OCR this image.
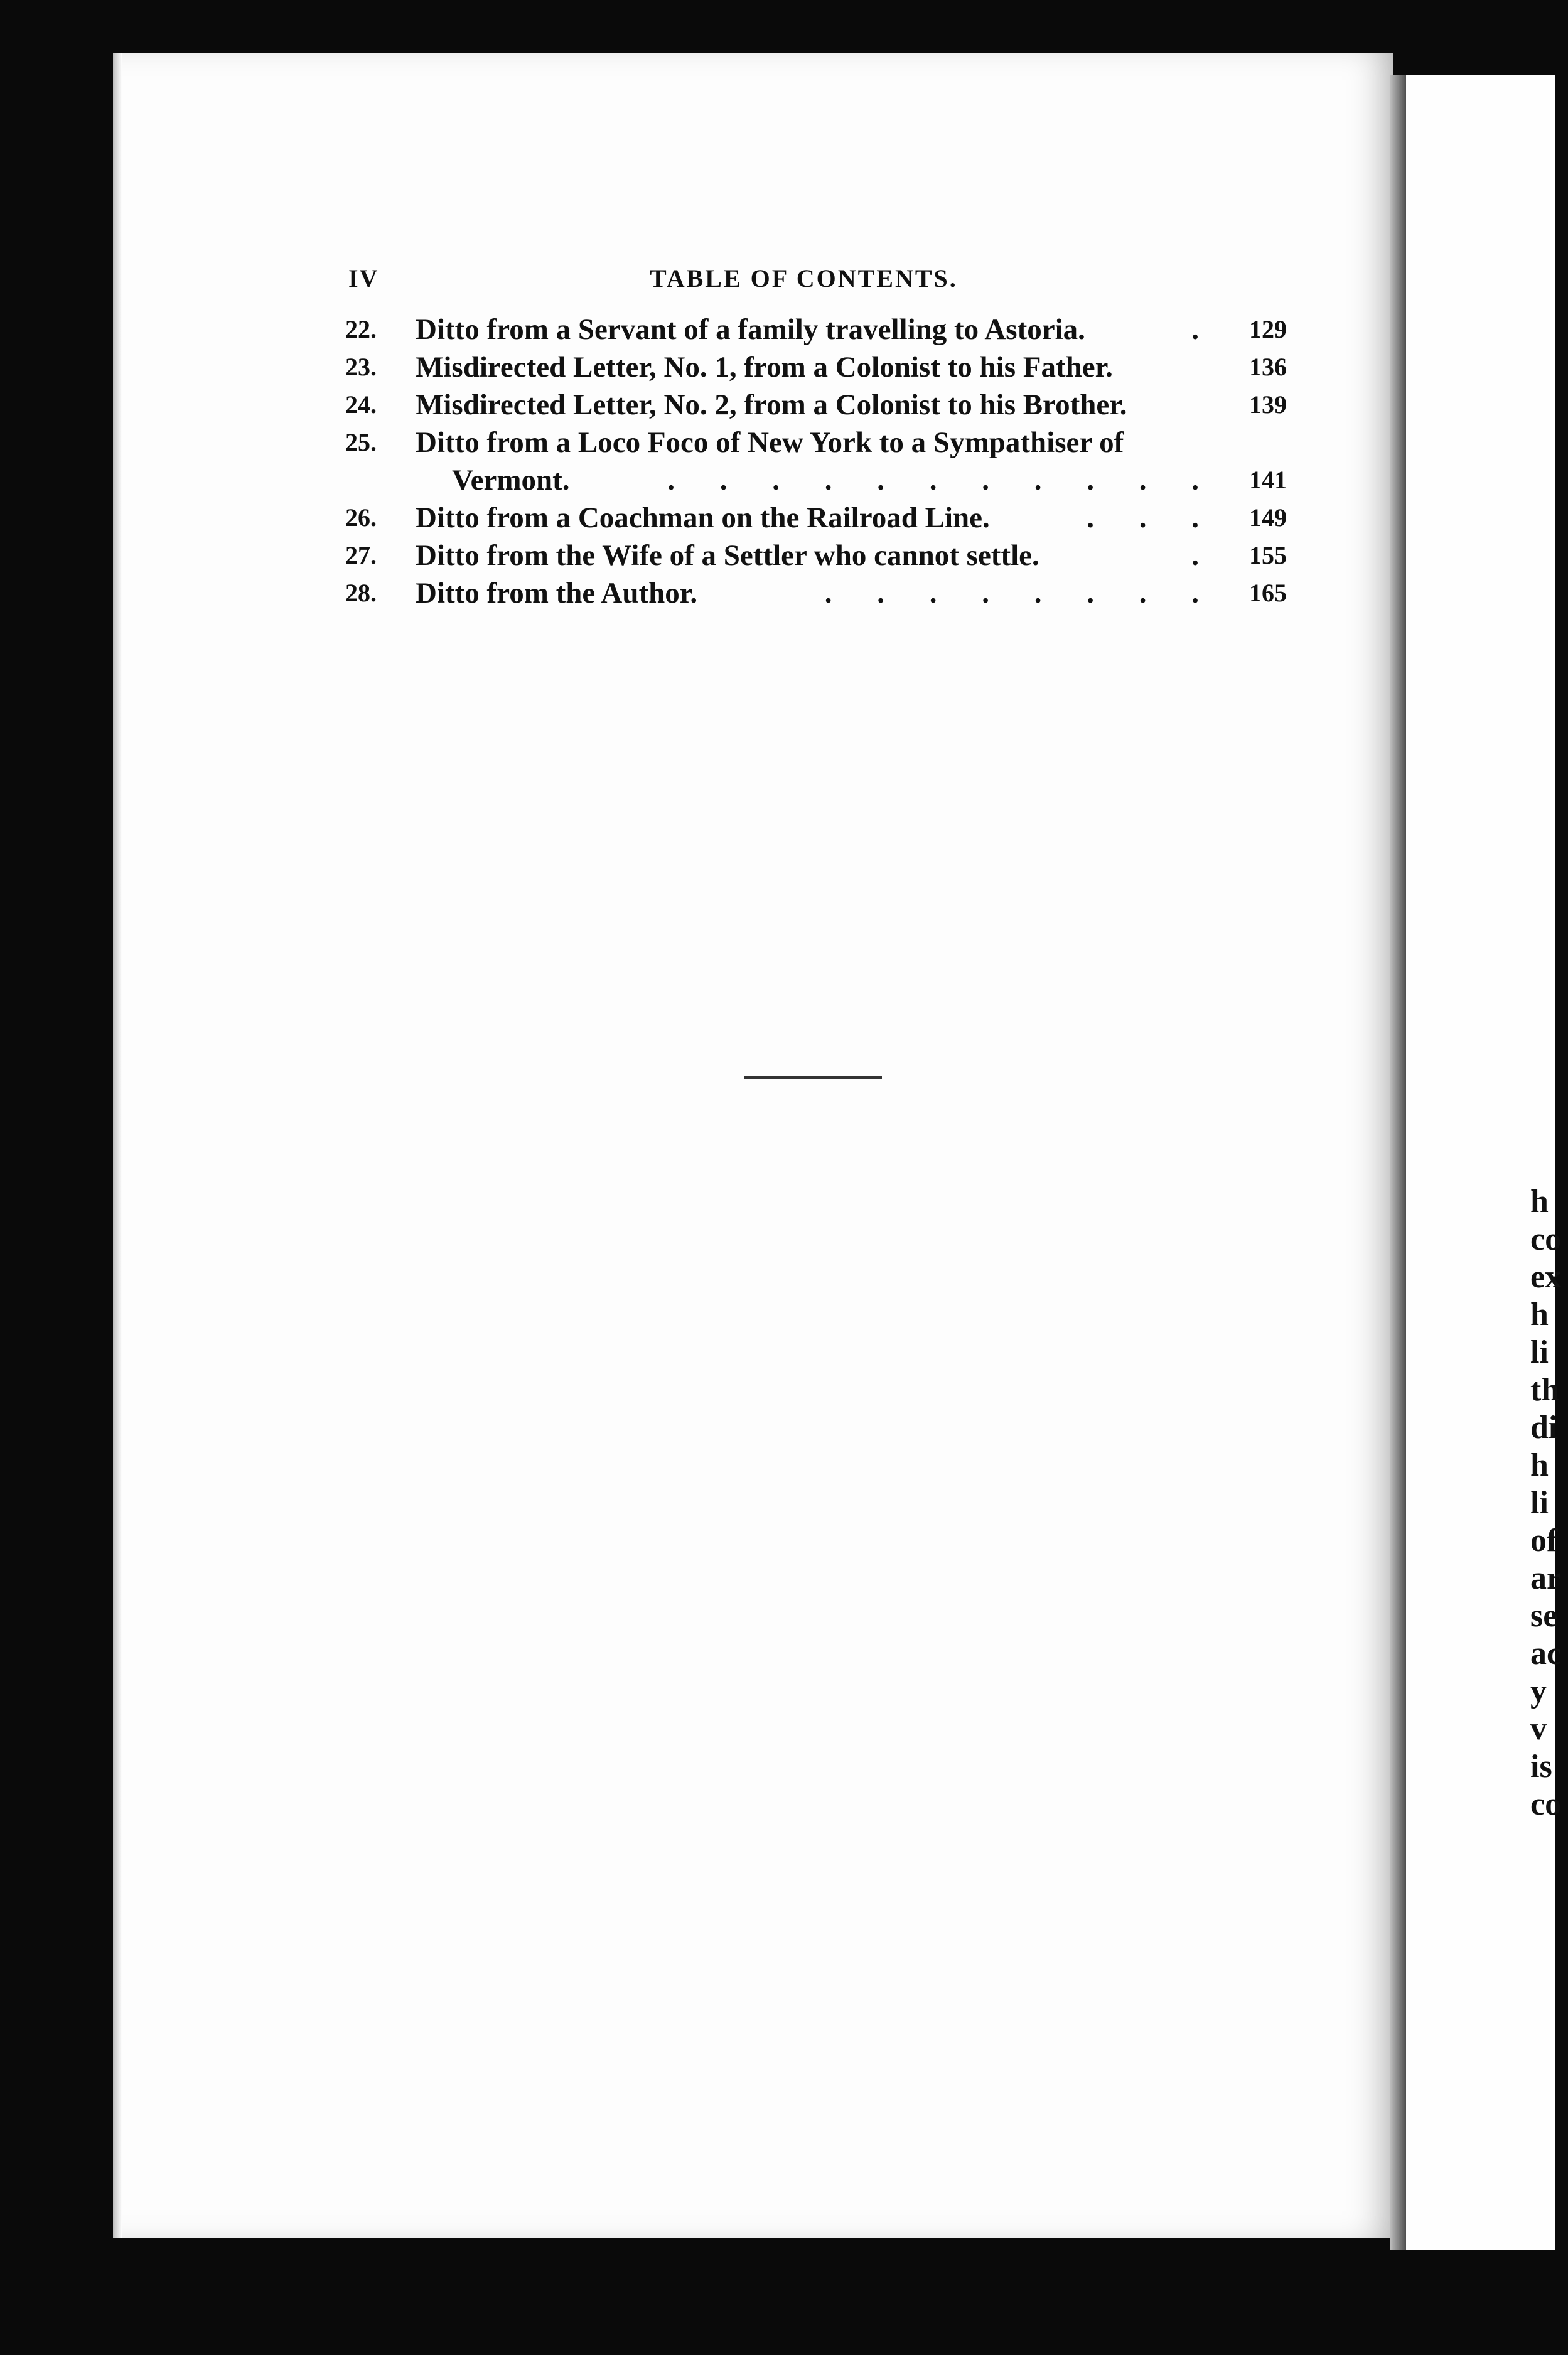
IV	TABLE OF CONTENTS.
22.	Ditto from a Servant of a family travelling to Astoria.	. 129
23.	Misdirected Letter, No. 1, from a Colonist to his Father.	136
24.	Misdirected Letter, No. 2, from a Colonist to his Brother.	139
25.	Ditto from a Loco Foco of New York to a Sympathiser of
Vermont.	. . . . . . . . . . . 141
26.	Ditto from a Coachman on the Railroad Line.	. . . 149
27.	Ditto from the Wife of a Settler who cannot settle.	. 155
28.	Ditto from the Author.	. . . . . . . . 165
h
co
ex
h
li
th
di
h
li
of
ar
se
ac
y
v
is
co
